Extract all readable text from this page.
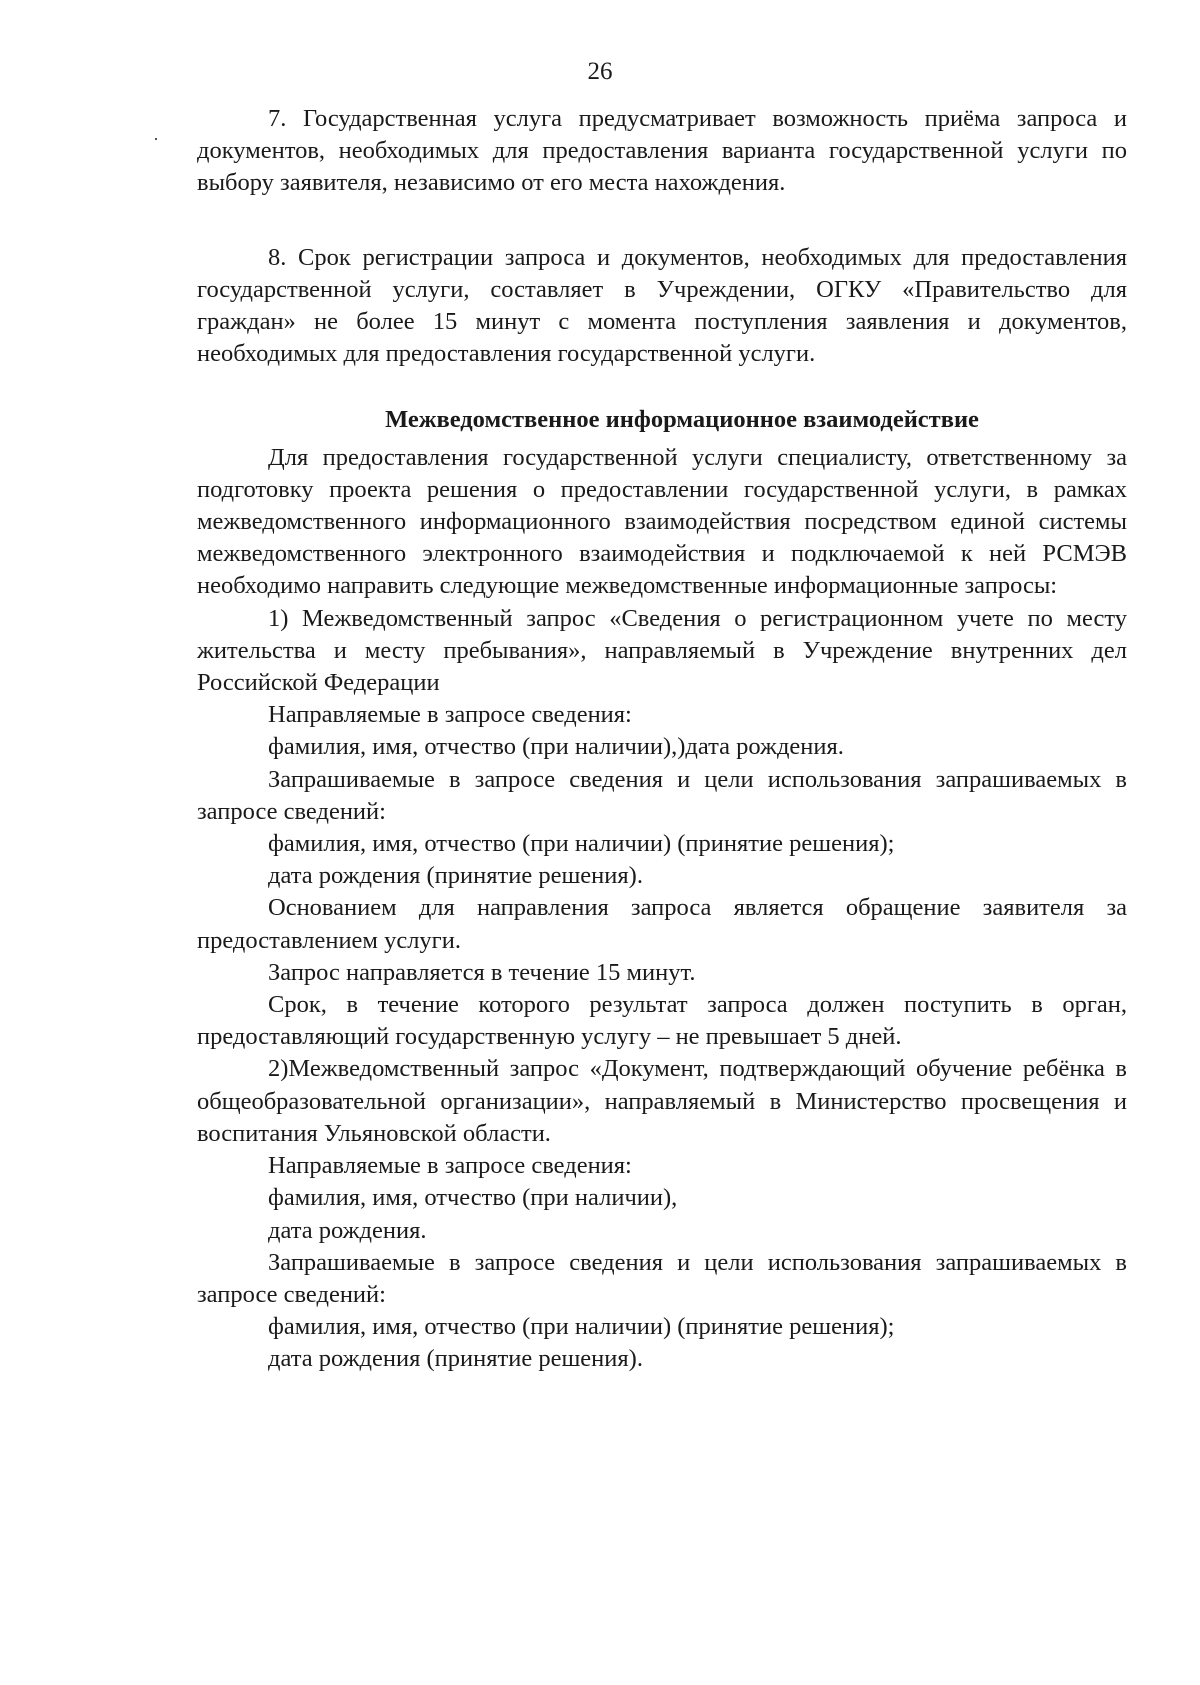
26

7. Государственная услуга предусматривает возможность приёма запроса и документов, необходимых для предоставления варианта государственной услуги по выбору заявителя, независимо от его места нахождения.

8. Срок регистрации запроса и документов, необходимых для предоставления государственной услуги, составляет в Учреждении, ОГКУ «Правительство для граждан» не более 15 минут с момента поступления заявления и документов, необходимых для предоставления государственной услуги.

Межведомственное информационное взаимодействие

Для предоставления государственной услуги специалисту, ответственному за подготовку проекта решения о предоставлении государственной услуги, в рамках межведомственного информационного взаимодействия посредством единой системы межведомственного электронного взаимодействия и подключаемой к ней РСМЭВ необходимо направить следующие межведомственные информационные запросы:

1) Межведомственный запрос «Сведения о регистрационном учете по месту жительства и месту пребывания», направляемый в Учреждение внутренних дел Российской Федерации

Направляемые в запросе сведения:

фамилия, имя, отчество (при наличии),)дата рождения.

Запрашиваемые в запросе сведения и цели использования запрашиваемых в запросе сведений:

фамилия, имя, отчество (при наличии) (принятие решения);

дата рождения (принятие решения).

Основанием для направления запроса является обращение заявителя за предоставлением услуги.

Запрос направляется в течение 15 минут.

Срок, в течение которого результат запроса должен поступить в орган, предоставляющий государственную услугу – не превышает 5 дней.

2)Межведомственный запрос «Документ, подтверждающий обучение ребёнка в общеобразовательной организации», направляемый в Министерство просвещения и воспитания Ульяновской области.

Направляемые в запросе сведения:

фамилия, имя, отчество (при наличии),

дата рождения.

Запрашиваемые в запросе сведения и цели использования запрашиваемых в запросе сведений:

фамилия, имя, отчество (при наличии) (принятие решения);

дата рождения (принятие решения).
